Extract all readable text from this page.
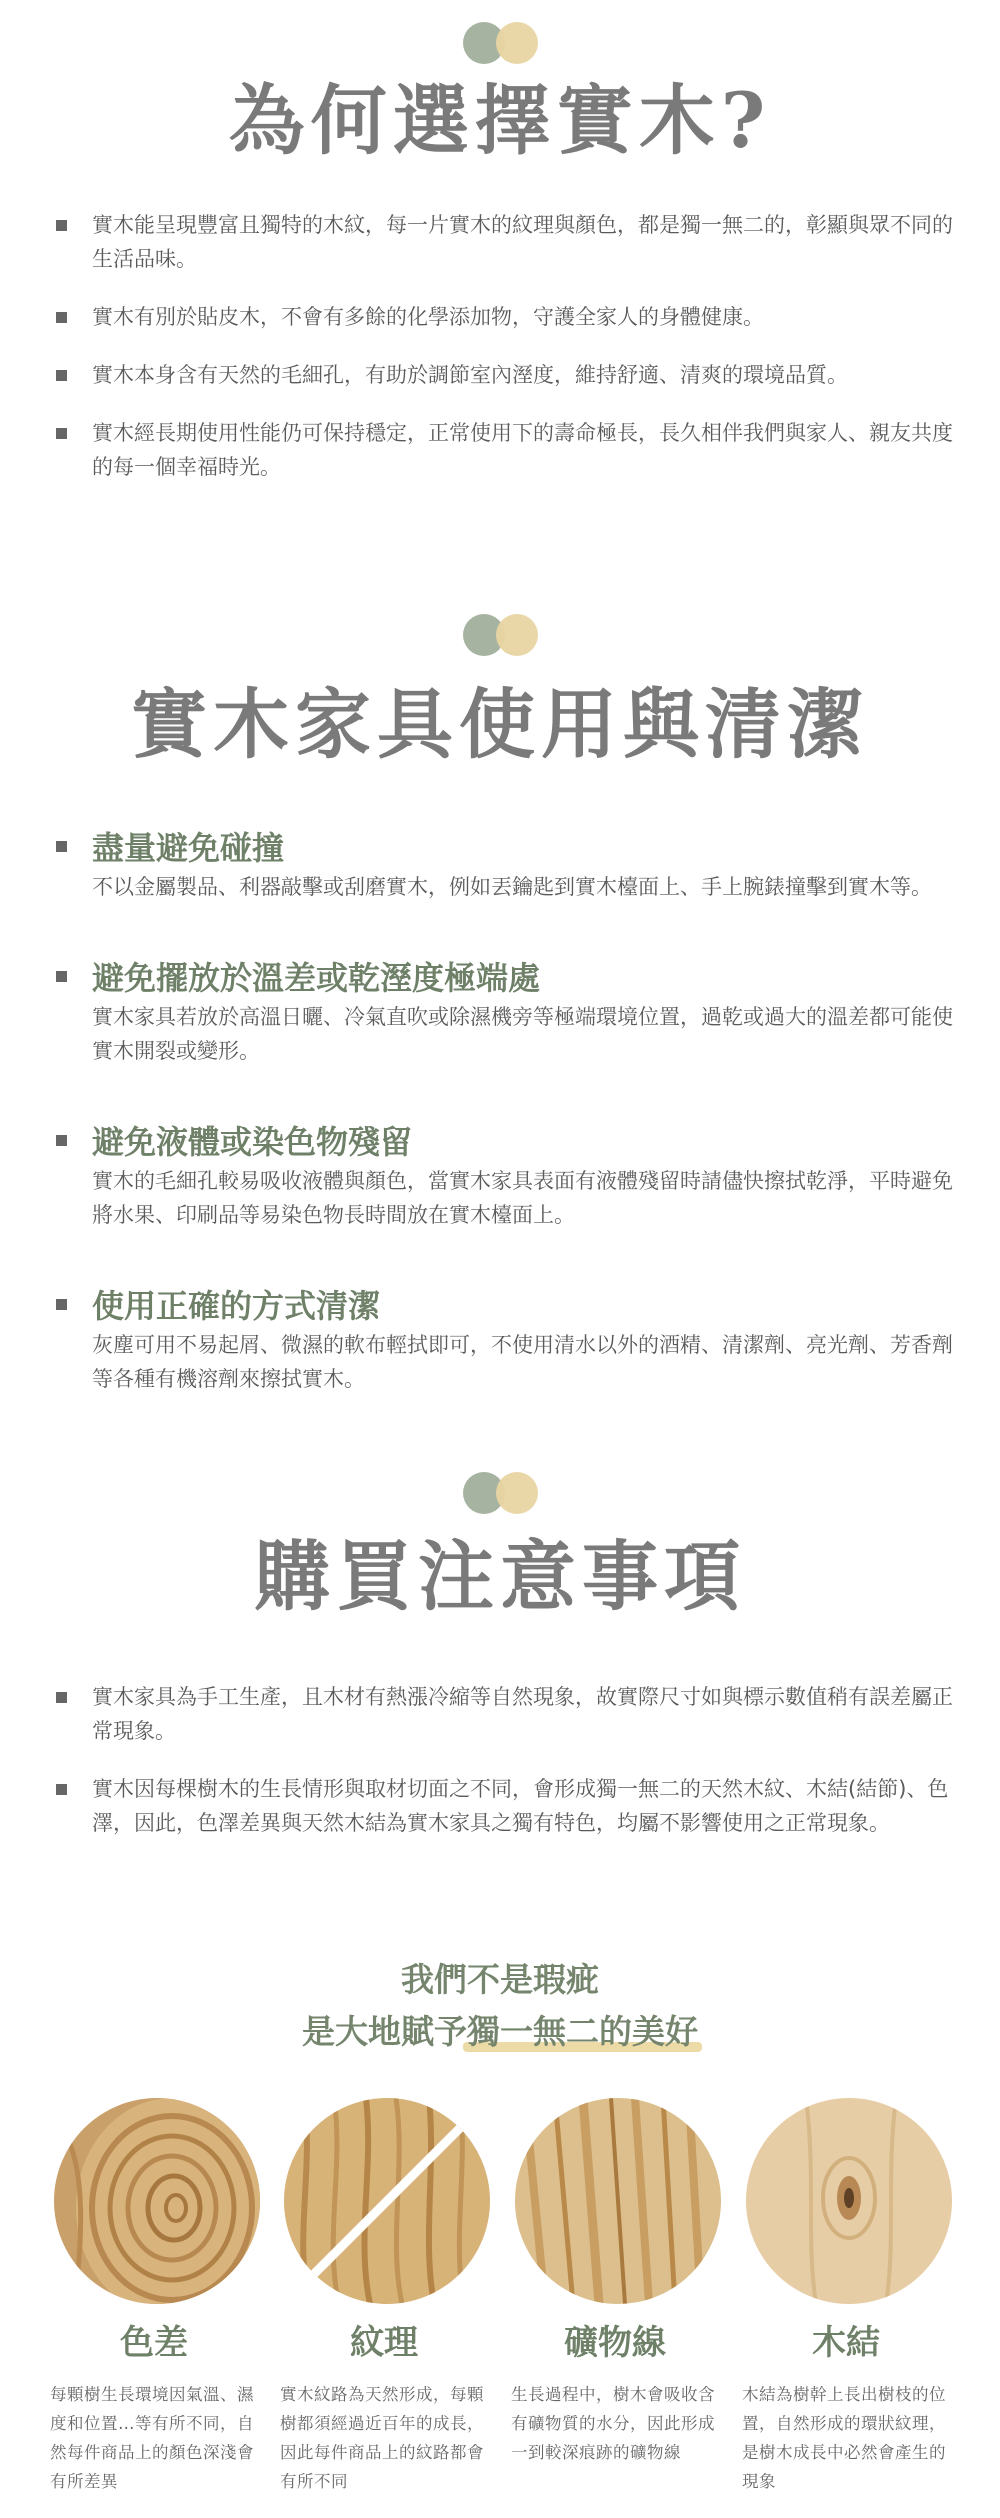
為何選擇實木?
實木能呈現豐富且獨特的木紋，每一片實木的紋理與顏色，都是獨一無二的，彰顯與眾不同的生活品味。
實木有別於貼皮木，不會有多餘的化學添加物，守護全家人的身體健康。
實木本身含有天然的毛細孔，有助於調節室內溼度，維持舒適、清爽的環境品質。
實木經長期使用性能仍可保持穩定，正常使用下的壽命極長，長久相伴我們與家人、親友共度的每一個幸福時光。
實木家具使用與清潔
盡量避免碰撞

不以金屬製品、利器敲擊或刮磨實木，例如丟鑰匙到實木檯面上、手上腕錶撞擊到實木等。

避免擺放於溫差或乾溼度極端處

實木家具若放於高溫日曬、冷氣直吹或除濕機旁等極端環境位置，過乾或過大的溫差都可能使實木開裂或變形。

避免液體或染色物殘留

實木的毛細孔較易吸收液體與顏色，當實木家具表面有液體殘留時請儘快擦拭乾淨，平時避免將水果、印刷品等易染色物長時間放在實木檯面上。

使用正確的方式清潔

灰塵可用不易起屑、微濕的軟布輕拭即可，不使用清水以外的酒精、清潔劑、亮光劑、芳香劑等各種有機溶劑來擦拭實木。

購買注意事項
實木家具為手工生產，且木材有熱漲冷縮等自然現象，故實際尺寸如與標示數值稍有誤差屬正常現象。
實木因每棵樹木的生長情形與取材切面之不同，會形成獨一無二的天然木紋、木結(結節)、色澤，因此，色澤差異與天然木結為實木家具之獨有特色，均屬不影響使用之正常現象。
我們不是瑕疵
是大地賦予獨一無二的美好
色差

每顆樹生長環境因氣溫、濕度和位置…等有所不同，自然每件商品上的顏色深淺會有所差異

紋理

實木紋路為天然形成，每顆樹都須經過近百年的成長，因此每件商品上的紋路都會有所不同

礦物線

生長過程中，樹木會吸收含有礦物質的水分，因此形成一到較深痕跡的礦物線

木結

木結為樹幹上長出樹枝的位置，自然形成的環狀紋理，是樹木成長中必然會產生的現象
